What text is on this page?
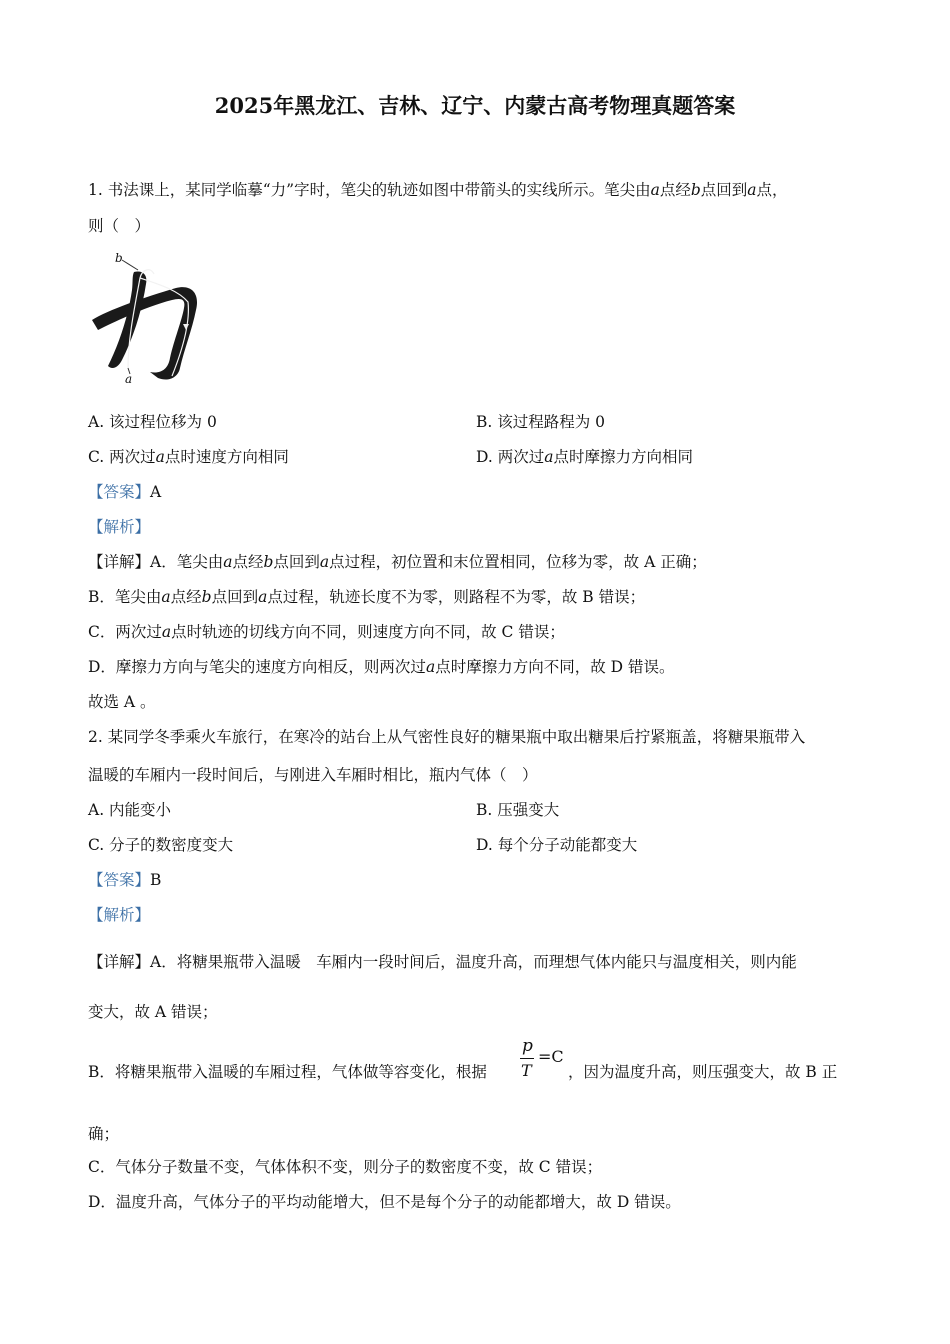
2025年黑龙江、吉林、辽宁、内蒙古高考物理真题答案
1. 书法课上，某同学临摹“力”字时，笔尖的轨迹如图中带箭头的实线所示。笔尖由a点经b点回到a点，
则（　）
b
a
A. 该过程位移为 0	B. 该过程路程为 0
C. 两次过a点时速度方向相同	D. 两次过a点时摩擦力方向相同
【答案】A
【解析】
【详解】A．笔尖由a点经b点回到a点过程，初位置和末位置相同，位移为零，故 A 正确；
B．笔尖由a点经b点回到a点过程，轨迹长度不为零，则路程不为零，故 B 错误；
C．两次过a点时轨迹的切线方向不同，则速度方向不同，故 C 错误；
D．摩擦力方向与笔尖的速度方向相反，则两次过a点时摩擦力方向不同，故 D 错误。
故选 A 。
2. 某同学冬季乘火车旅行，在寒冷的站台上从气密性良好的糖果瓶中取出糖果后拧紧瓶盖，将糖果瓶带入
温暖的车厢内一段时间后，与刚进入车厢时相比，瓶内气体（　）
A. 内能变小	B. 压强变大
C. 分子的数密度变大	D. 每个分子动能都变大
【答案】B
【解析】
【详解】A．将糖果瓶带入温暖　车厢内一段时间后，温度升高，而理想气体内能只与温度相关，则内能
变大，故 A 错误；
B．将糖果瓶带入温暖的车厢过程，气体做等容变化，根据
p
T
=C
，因为温度升高，则压强变大，故 B 正
确；
C．气体分子数量不变，气体体积不变，则分子的数密度不变，故 C 错误；
D．温度升高，气体分子的平均动能增大，但不是每个分子的动能都增大，故 D 错误。
